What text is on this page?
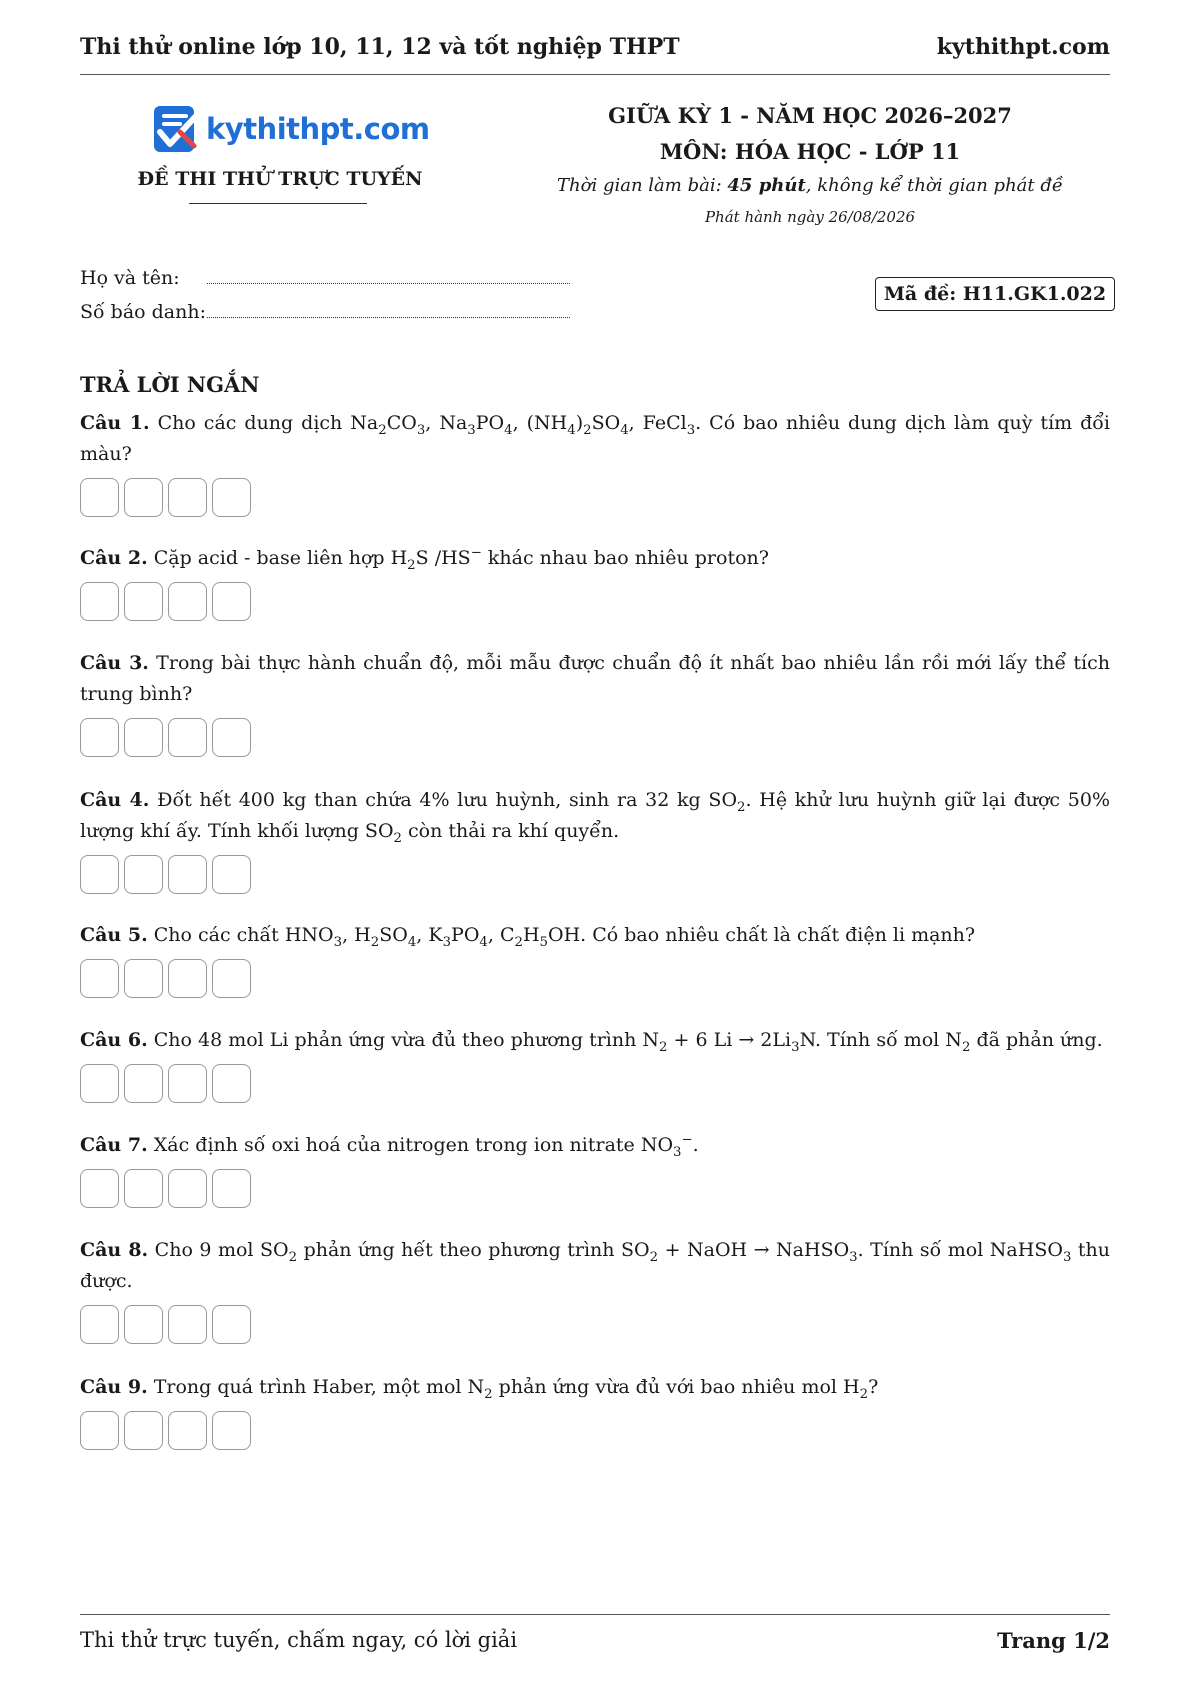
Thi thử online lớp 10, 11, 12 và tốt nghiệp THPT	kythithpt.com
kythithpt.com
ĐỀ THI THỬ TRỰC TUYẾN
GIỮA KỲ 1 - NĂM HỌC 2026–2027
MÔN: HÓA HỌC - LỚP 11
Thời gian làm bài: 45 phút, không kể thời gian phát đề
Phát hành ngày 26/08/2026
Họ và tên:
Số báo danh:
Mã đề: H11.GK1.022
TRẢ LỜI NGẮN
Câu 1. Cho các dung dịch $Na_2CO_3$, $Na_3PO_4$, $(NH_4)_2SO_4$, FeCl$_3$. Có bao nhiêu dung dịch làm quỳ tím đổi màu?
Câu 2. Cặp acid - base liên hợp $H_2S$ /HS− khác nhau bao nhiêu proton?
Câu 3. Trong bài thực hành chuẩn độ, mỗi mẫu được chuẩn độ ít nhất bao nhiêu lần rồi mới lấy thể tích trung bình?
Câu 4. Đốt hết 400 kg than chứa 4% lưu huỳnh, sinh ra 32 kg $SO_2$. Hệ khử lưu huỳnh giữ lại được 50% lượng khí ấy. Tính khối lượng $SO_2$ còn thải ra khí quyển.
Câu 5. Cho các chất $HNO_3$, $H_2SO_4$, $K_3PO_4$, $C_2H_5OH$. Có bao nhiêu chất là chất điện li mạnh?
Câu 6. Cho 48 mol Li phản ứng vừa đủ theo phương trình $N_2 + 6$ $Li \to 2Li_3N$. Tính số mol $N_2$ đã phản ứng.
Câu 7. Xác định số oxi hoá của nitrogen trong ion nitrate $NO_3^-$.
Câu 8. Cho 9 mol $SO_2$ phản ứng hết theo phương trình $SO_2$ + NaOH → NaHSO$_3$. Tính số mol NaHSO$_3$ thu được.
Câu 9. Trong quá trình Haber, một mol $N_2$ phản ứng vừa đủ với bao nhiêu mol $H_2$?
Thi thử trực tuyến, chấm ngay, có lời giải	Trang 1/2
